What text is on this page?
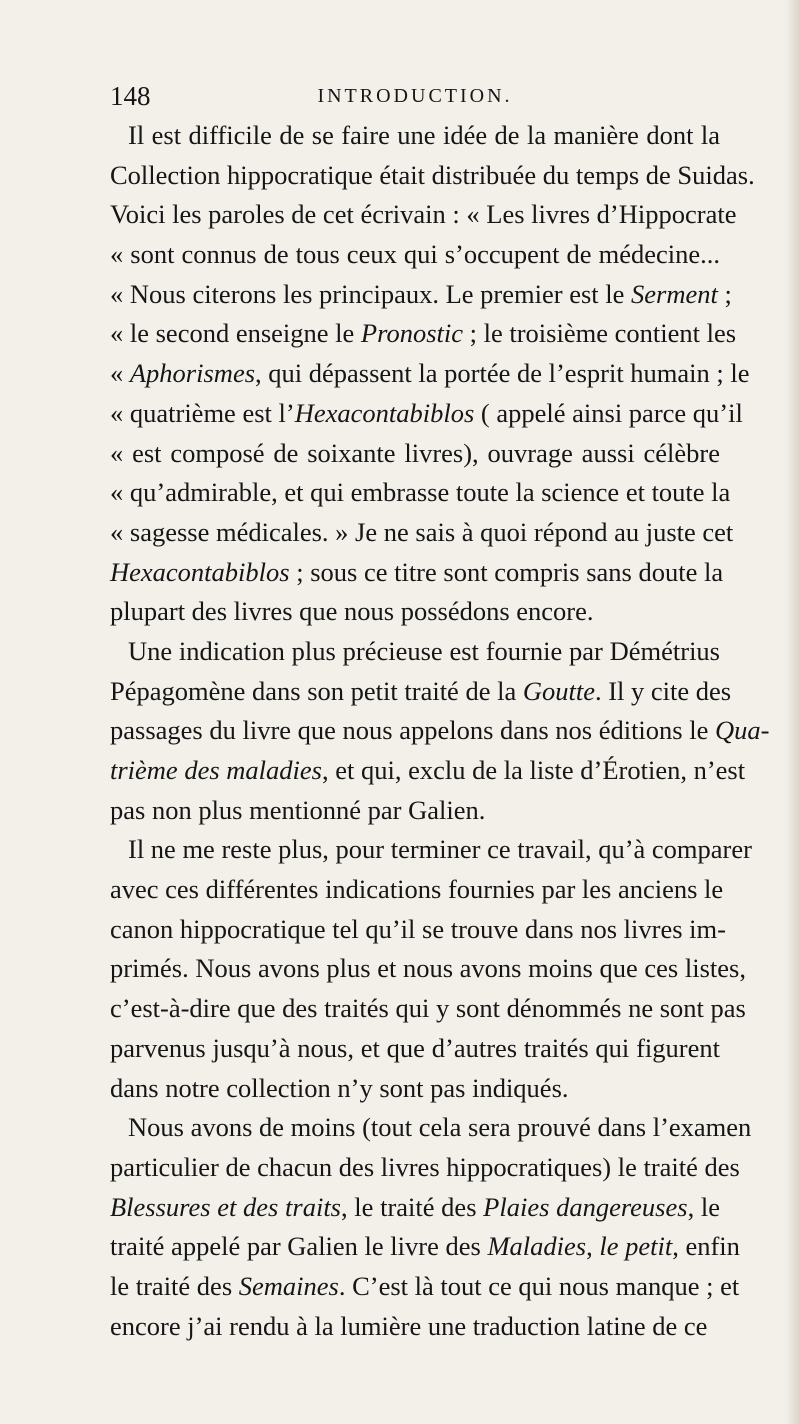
148	INTRODUCTION.
Il est difficile de se faire une idée de la manière dont la
Collection hippocratique était distribuée du temps de Suidas.
Voici les paroles de cet écrivain : « Les livres d’Hippocrate
« sont connus de tous ceux qui s’occupent de médecine...
« Nous citerons les principaux. Le premier est le Serment ;
« le second enseigne le Pronostic ; le troisième contient les
« Aphorismes, qui dépassent la portée de l’esprit humain ; le
« quatrième est l’Hexacontabiblos ( appelé ainsi parce qu’il
« est composé de soixante livres), ouvrage aussi célèbre
« qu’admirable, et qui embrasse toute la science et toute la
« sagesse médicales. » Je ne sais à quoi répond au juste cet
Hexacontabiblos ; sous ce titre sont compris sans doute la
plupart des livres que nous possédons encore.
Une indication plus précieuse est fournie par Démétrius
Pépagomène dans son petit traité de la Goutte. Il y cite des
passages du livre que nous appelons dans nos éditions le Qua-
trième des maladies, et qui, exclu de la liste d’Érotien, n’est
pas non plus mentionné par Galien.
Il ne me reste plus, pour terminer ce travail, qu’à comparer
avec ces différentes indications fournies par les anciens le
canon hippocratique tel qu’il se trouve dans nos livres im-
primés. Nous avons plus et nous avons moins que ces listes,
c’est-à-dire que des traités qui y sont dénommés ne sont pas
parvenus jusqu’à nous, et que d’autres traités qui figurent
dans notre collection n’y sont pas indiqués.
Nous avons de moins (tout cela sera prouvé dans l’examen
particulier de chacun des livres hippocratiques) le traité des
Blessures et des traits, le traité des Plaies dangereuses, le
traité appelé par Galien le livre des Maladies, le petit, enfin
le traité des Semaines. C’est là tout ce qui nous manque ; et
encore j’ai rendu à la lumière une traduction latine de ce
